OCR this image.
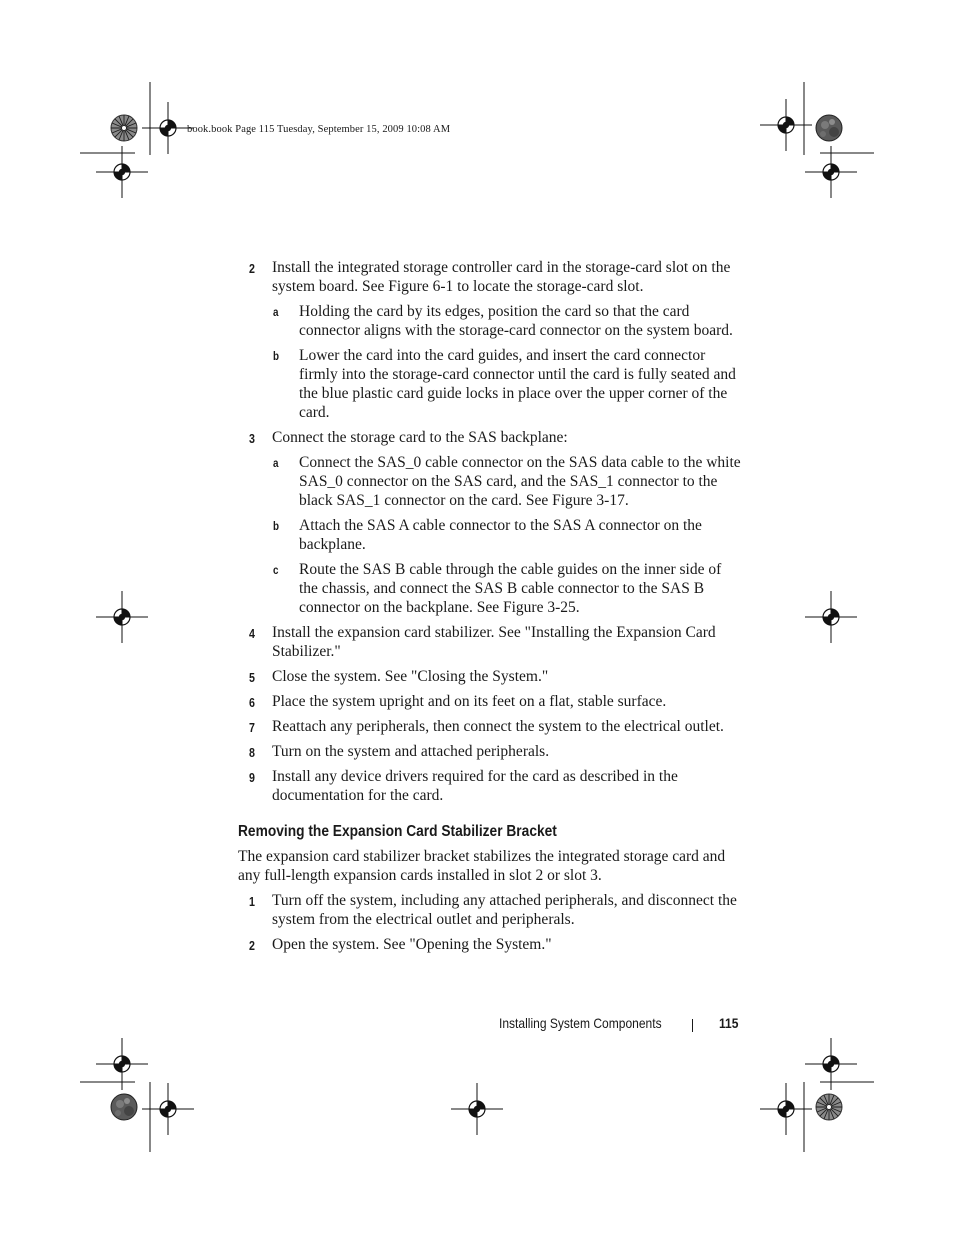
book.book Page 115 Tuesday, September 15, 2009 10:08 AM
2 Install the integrated storage controller card in the storage-card slot on the system board. See Figure 6-1 to locate the storage-card slot.
a Holding the card by its edges, position the card so that the card connector aligns with the storage-card connector on the system board.
b Lower the card into the card guides, and insert the card connector firmly into the storage-card connector until the card is fully seated and the blue plastic card guide locks in place over the upper corner of the card.
3 Connect the storage card to the SAS backplane:
a Connect the SAS_0 cable connector on the SAS data cable to the white SAS_0 connector on the SAS card, and the SAS_1 connector to the black SAS_1 connector on the card. See Figure 3-17.
b Attach the SAS A cable connector to the SAS A connector on the backplane.
c Route the SAS B cable through the cable guides on the inner side of the chassis, and connect the SAS B cable connector to the SAS B connector on the backplane. See Figure 3-25.
4 Install the expansion card stabilizer. See "Installing the Expansion Card Stabilizer."
5 Close the system. See "Closing the System."
6 Place the system upright and on its feet on a flat, stable surface.
7 Reattach any peripherals, then connect the system to the electrical outlet.
8 Turn on the system and attached peripherals.
9 Install any device drivers required for the card as described in the documentation for the card.
Removing the Expansion Card Stabilizer Bracket
The expansion card stabilizer bracket stabilizes the integrated storage card and any full-length expansion cards installed in slot 2 or slot 3.
1 Turn off the system, including any attached peripherals, and disconnect the system from the electrical outlet and peripherals.
2 Open the system. See "Opening the System."
Installing System Components	115
